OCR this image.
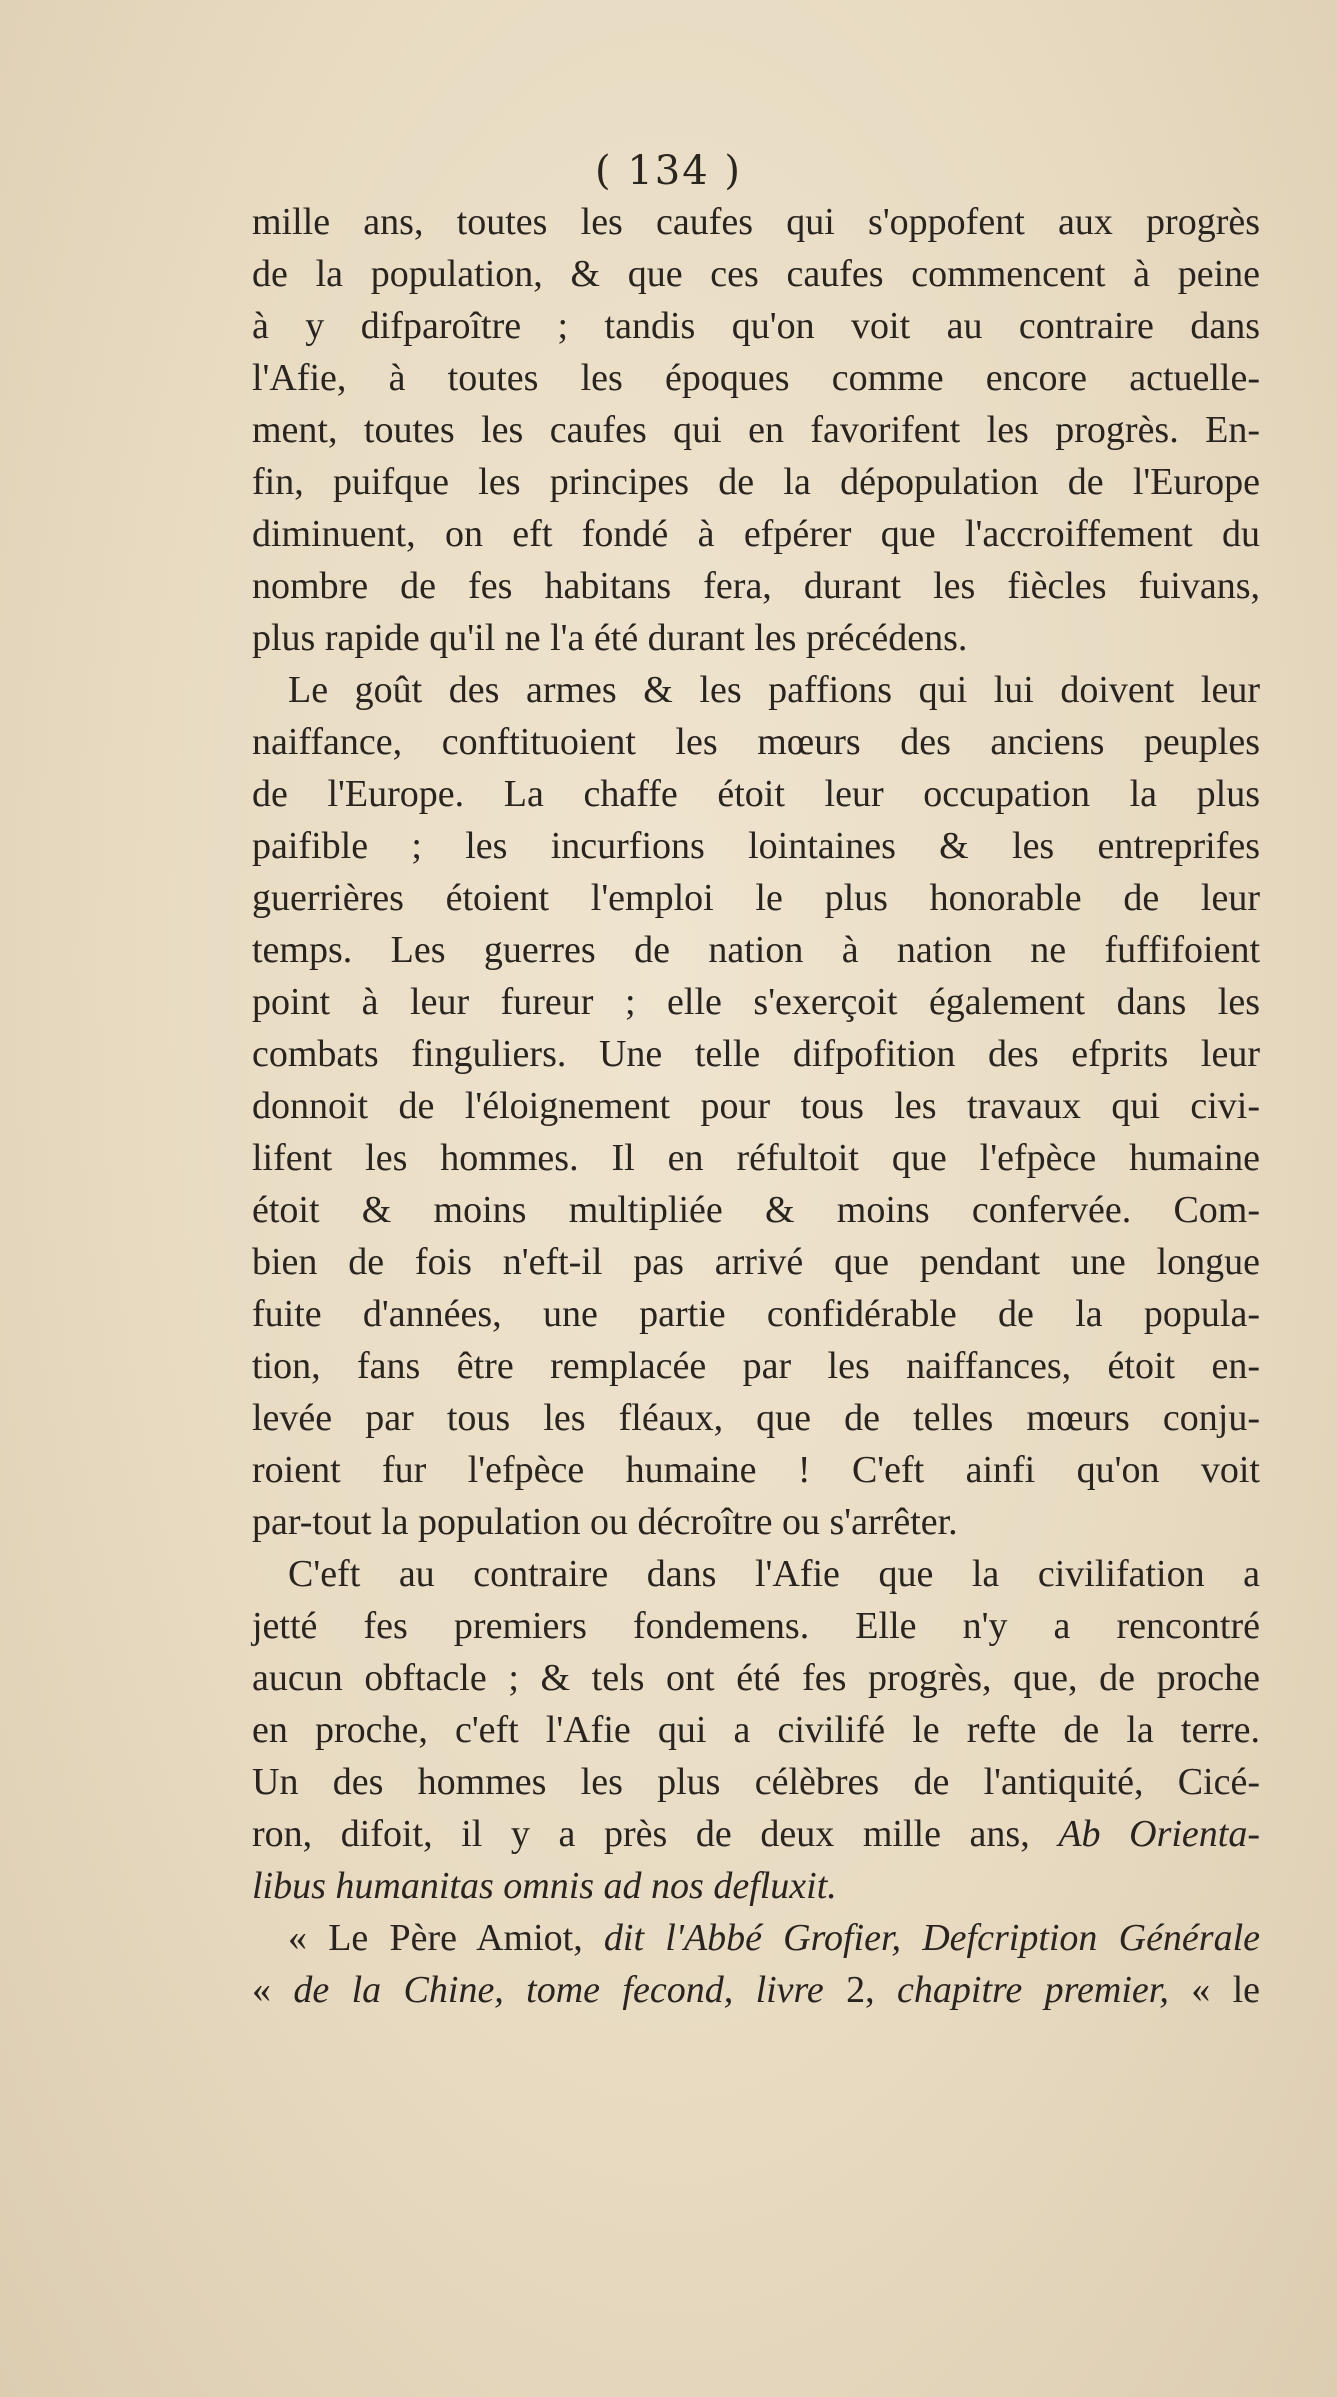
( 134 )
mille ans, toutes les caufes qui s'oppofent aux progrès
de la population, & que ces caufes commencent à peine
à y difparoître ; tandis qu'on voit au contraire dans
l'Afie, à toutes les époques comme encore actuelle-
ment, toutes les caufes qui en favorifent les progrès. En-
fin, puifque les principes de la dépopulation de l'Europe
diminuent, on eft fondé à efpérer que l'accroiffement du
nombre de fes habitans fera, durant les fiècles fuivans,
plus rapide qu'il ne l'a été durant les précédens.
Le goût des armes & les paffions qui lui doivent leur
naiffance, conftituoient les mœurs des anciens peuples
de l'Europe. La chaffe étoit leur occupation la plus
paifible ; les incurfions lointaines & les entreprifes
guerrières étoient l'emploi le plus honorable de leur
temps. Les guerres de nation à nation ne fuffifoient
point à leur fureur ; elle s'exerçoit également dans les
combats finguliers. Une telle difpofition des efprits leur
donnoit de l'éloignement pour tous les travaux qui civi-
lifent les hommes. Il en réfultoit que l'efpèce humaine
étoit & moins multipliée & moins confervée. Com-
bien de fois n'eft-il pas arrivé que pendant une longue
fuite d'années, une partie confidérable de la popula-
tion, fans être remplacée par les naiffances, étoit en-
levée par tous les fléaux, que de telles mœurs conju-
roient fur l'efpèce humaine ! C'eft ainfi qu'on voit
par-tout la population ou décroître ou s'arrêter.
C'eft au contraire dans l'Afie que la civilifation a
jetté fes premiers fondemens. Elle n'y a rencontré
aucun obftacle ; & tels ont été fes progrès, que, de proche
en proche, c'eft l'Afie qui a civilifé le refte de la terre.
Un des hommes les plus célèbres de l'antiquité, Cicé-
ron, difoit, il y a près de deux mille ans, Ab Orienta-
libus humanitas omnis ad nos defluxit.
« Le Père Amiot, dit l'Abbé Grofier, Defcription Générale
« de la Chine, tome fecond, livre 2, chapitre premier, « le
